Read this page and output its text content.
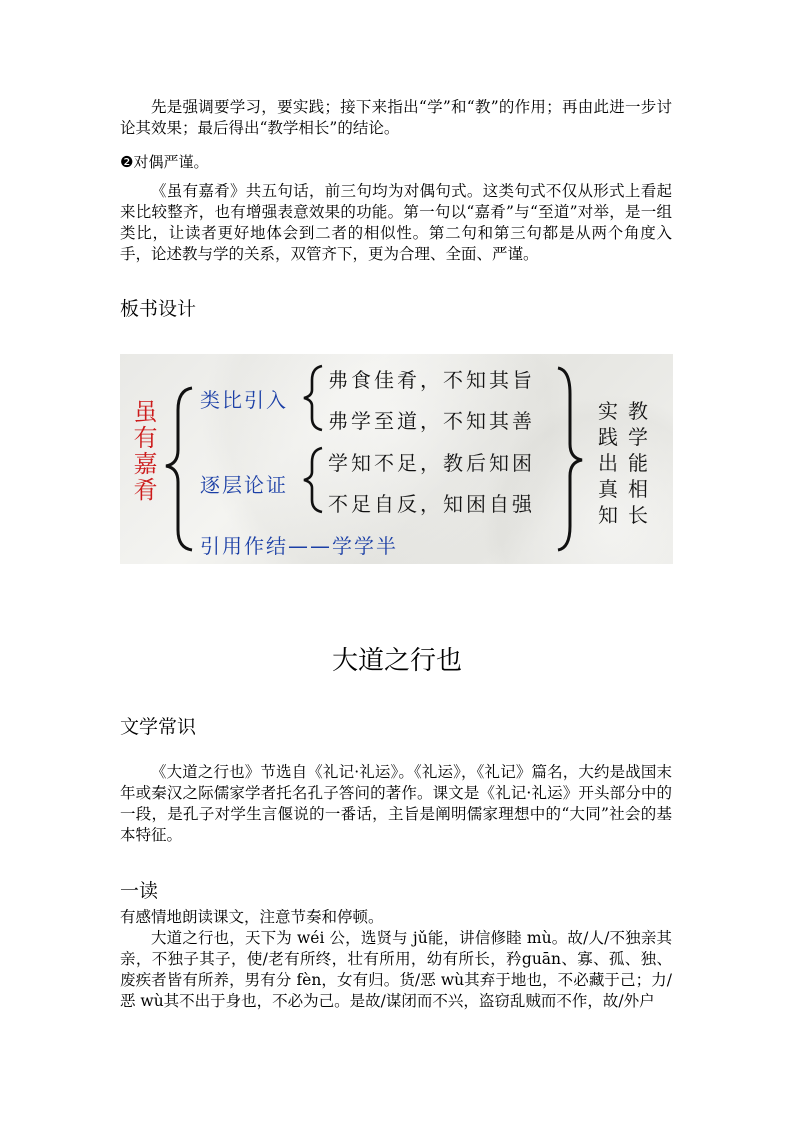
先是强调要学习，要实践；接下来指出“学”和“教”的作用；再由此进一步讨论其效果；最后得出“教学相长”的结论。

❷对偶严谨。

《虽有嘉肴》共五句话，前三句均为对偶句式。这类句式不仅从形式上看起来比较整齐，也有增强表意效果的功能。第一句以“嘉肴”与“至道”对举，是一组类比，让读者更好地体会到二者的相似性。第二句和第三句都是从两个角度入手，论述教与学的关系，双管齐下，更为合理、全面、严谨。

板书设计
虽有嘉肴 类比引入
弗食佳肴，不知其旨
弗学至道，不知其善
逐层论证
学知不足，教后知困
不足自反，知困自强
引用作结——学学半
实
践
出
真
知
教
学
能
相
长
大道之行也
文学常识

《大道之行也》节选自《礼记·礼运》。《礼运》，《礼记》篇名，大约是战国末年或秦汉之际儒家学者托名孔子答问的著作。课文是《礼记·礼运》开头部分中的一段，是孔子对学生言偃说的一番话，主旨是阐明儒家理想中的“大同”社会的基本特征。

一读

有感情地朗读课文，注意节奏和停顿。

大道之行也，天下为 wéi 公，选贤与 jǔ能，讲信修睦 mù。故/人/不独亲其亲，不独子其子，使/老有所终，壮有所用，幼有所长，矜guān、寡、孤、独、废疾者皆有所养，男有分 fèn，女有归。货/恶 wù其弃于地也，不必藏于己；力/恶 wù其不出于身也，不必为己。是故/谋闭而不兴，盗窃乱贼而不作，故/外户
